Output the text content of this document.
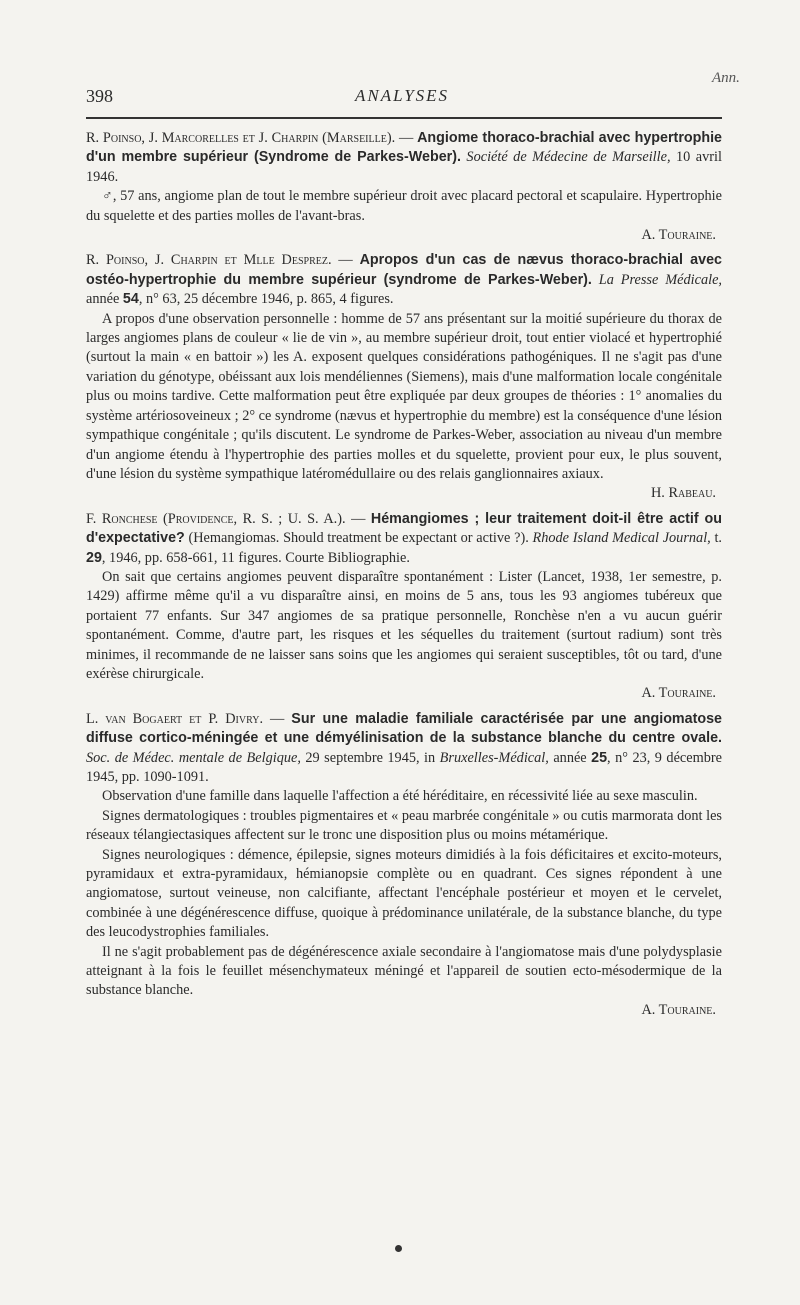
Ann.
398	ANALYSES

R. Poinso, J. Marcorelles et J. Charpin (Marseille). — Angiome thoraco-brachial avec hypertrophie d'un membre supérieur (Syndrome de Parkes-Weber). Société de Médecine de Marseille, 10 avril 1946.

♂, 57 ans, angiome plan de tout le membre supérieur droit avec placard pectoral et scapulaire. Hypertrophie du squelette et des parties molles de l'avant-bras.

A. Touraine.

R. Poinso, J. Charpin et Mlle Desprez. — Apropos d'un cas de nævus thoraco-brachial avec ostéo-hypertrophie du membre supérieur (syndrome de Parkes-Weber). La Presse Médicale, année 54, n° 63, 25 décembre 1946, p. 865, 4 figures.

A propos d'une observation personnelle : homme de 57 ans présentant sur la moitié supérieure du thorax de larges angiomes plans de couleur « lie de vin », au membre supérieur droit, tout entier violacé et hypertrophié (surtout la main « en battoir ») les A. exposent quelques considérations pathogéniques. Il ne s'agit pas d'une variation du génotype, obéissant aux lois mendéliennes (Siemens), mais d'une malformation locale congénitale plus ou moins tardive. Cette malformation peut être expliquée par deux groupes de théories : 1° anomalies du système artériosoveineux ; 2° ce syndrome (nævus et hypertrophie du membre) est la conséquence d'une lésion sympathique congénitale ; qu'ils discutent. Le syndrome de Parkes-Weber, association au niveau d'un membre d'un angiome étendu à l'hypertrophie des parties molles et du squelette, provient pour eux, le plus souvent, d'une lésion du système sympathique latéromédullaire ou des relais ganglionnaires axiaux.

H. Rabeau.

F. Ronchese (Providence, R. S. ; U. S. A.). — Hémangiomes ; leur traitement doit-il être actif ou d'expectative? (Hemangiomas. Should treatment be expectant or active ?). Rhode Island Medical Journal, t. 29, 1946, pp. 658-661, 11 figures. Courte Bibliographie.

On sait que certains angiomes peuvent disparaître spontanément : Lister (Lancet, 1938, 1er semestre, p. 1429) affirme même qu'il a vu disparaître ainsi, en moins de 5 ans, tous les 93 angiomes tubéreux que portaient 77 enfants. Sur 347 angiomes de sa pratique personnelle, Ronchèse n'en a vu aucun guérir spontanément. Comme, d'autre part, les risques et les séquelles du traitement (surtout radium) sont très minimes, il recommande de ne laisser sans soins que les angiomes qui seraient susceptibles, tôt ou tard, d'une exérèse chirurgicale.

A. Touraine.

L. van Bogaert et P. Divry. — Sur une maladie familiale caractérisée par une angiomatose diffuse cortico-méningée et une démyélinisation de la substance blanche du centre ovale. Soc. de Médec. mentale de Belgique, 29 septembre 1945, in Bruxelles-Médical, année 25, n° 23, 9 décembre 1945, pp. 1090-1091.

Observation d'une famille dans laquelle l'affection a été héréditaire, en récessivité liée au sexe masculin.

Signes dermatologiques : troubles pigmentaires et « peau marbrée congénitale » ou cutis marmorata dont les réseaux télangiectasiques affectent sur le tronc une disposition plus ou moins métamérique.

Signes neurologiques : démence, épilepsie, signes moteurs dimidiés à la fois déficitaires et excito-moteurs, pyramidaux et extra-pyramidaux, hémianopsie complète ou en quadrant. Ces signes répondent à une angiomatose, surtout veineuse, non calcifiante, affectant l'encéphale postérieur et moyen et le cervelet, combinée à une dégénérescence diffuse, quoique à prédominance unilatérale, de la substance blanche, du type des leucodystrophies familiales.

Il ne s'agit probablement pas de dégénérescence axiale secondaire à l'angiomatose mais d'une polydysplasie atteignant à la fois le feuillet mésenchymateux méningé et l'appareil de soutien ecto-mésodermique de la substance blanche.

A. Touraine.
